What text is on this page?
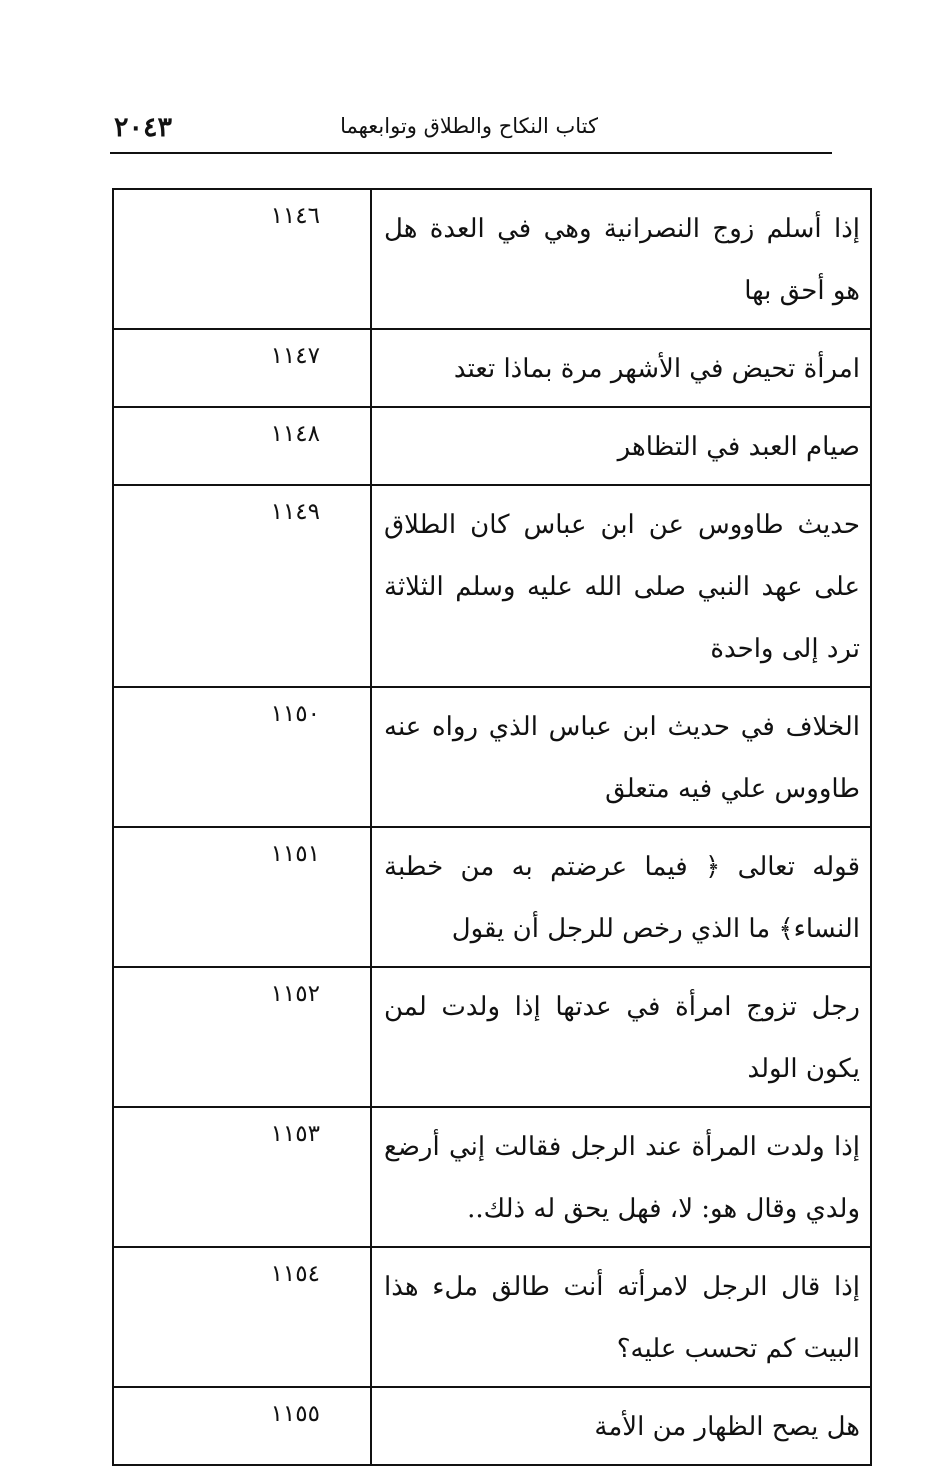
كتاب النكاح والطلاق وتوابعهما
٢٠٤٣
إذا أسلم زوج النصرانية وهي في العدة هل هو أحق بها	١١٤٦
امرأة تحيض في الأشهر مرة بماذا تعتد	١١٤٧
صيام العبد في التظاهر	١١٤٨
حديث طاووس عن ابن عباس كان الطلاق على عهد النبي صلى الله عليه وسلم الثلاثة ترد إلى واحدة	١١٤٩
الخلاف في حديث ابن عباس الذي رواه عنه طاووس علي فيه متعلق	١١٥٠
قوله تعالى ﴿ فيما عرضتم به من خطبة النساء﴾ ما الذي رخص للرجل أن يقول	١١٥١
رجل تزوج امرأة في عدتها إذا ولدت لمن يكون الولد	١١٥٢
إذا ولدت المرأة عند الرجل فقالت إني أرضع ولدي وقال هو: لا، فهل يحق له ذلك..	١١٥٣
إذا قال الرجل لامرأته أنت طالق ملء هذا البيت كم تحسب عليه؟	١١٥٤
هل يصح الظهار من الأمة	١١٥٥
